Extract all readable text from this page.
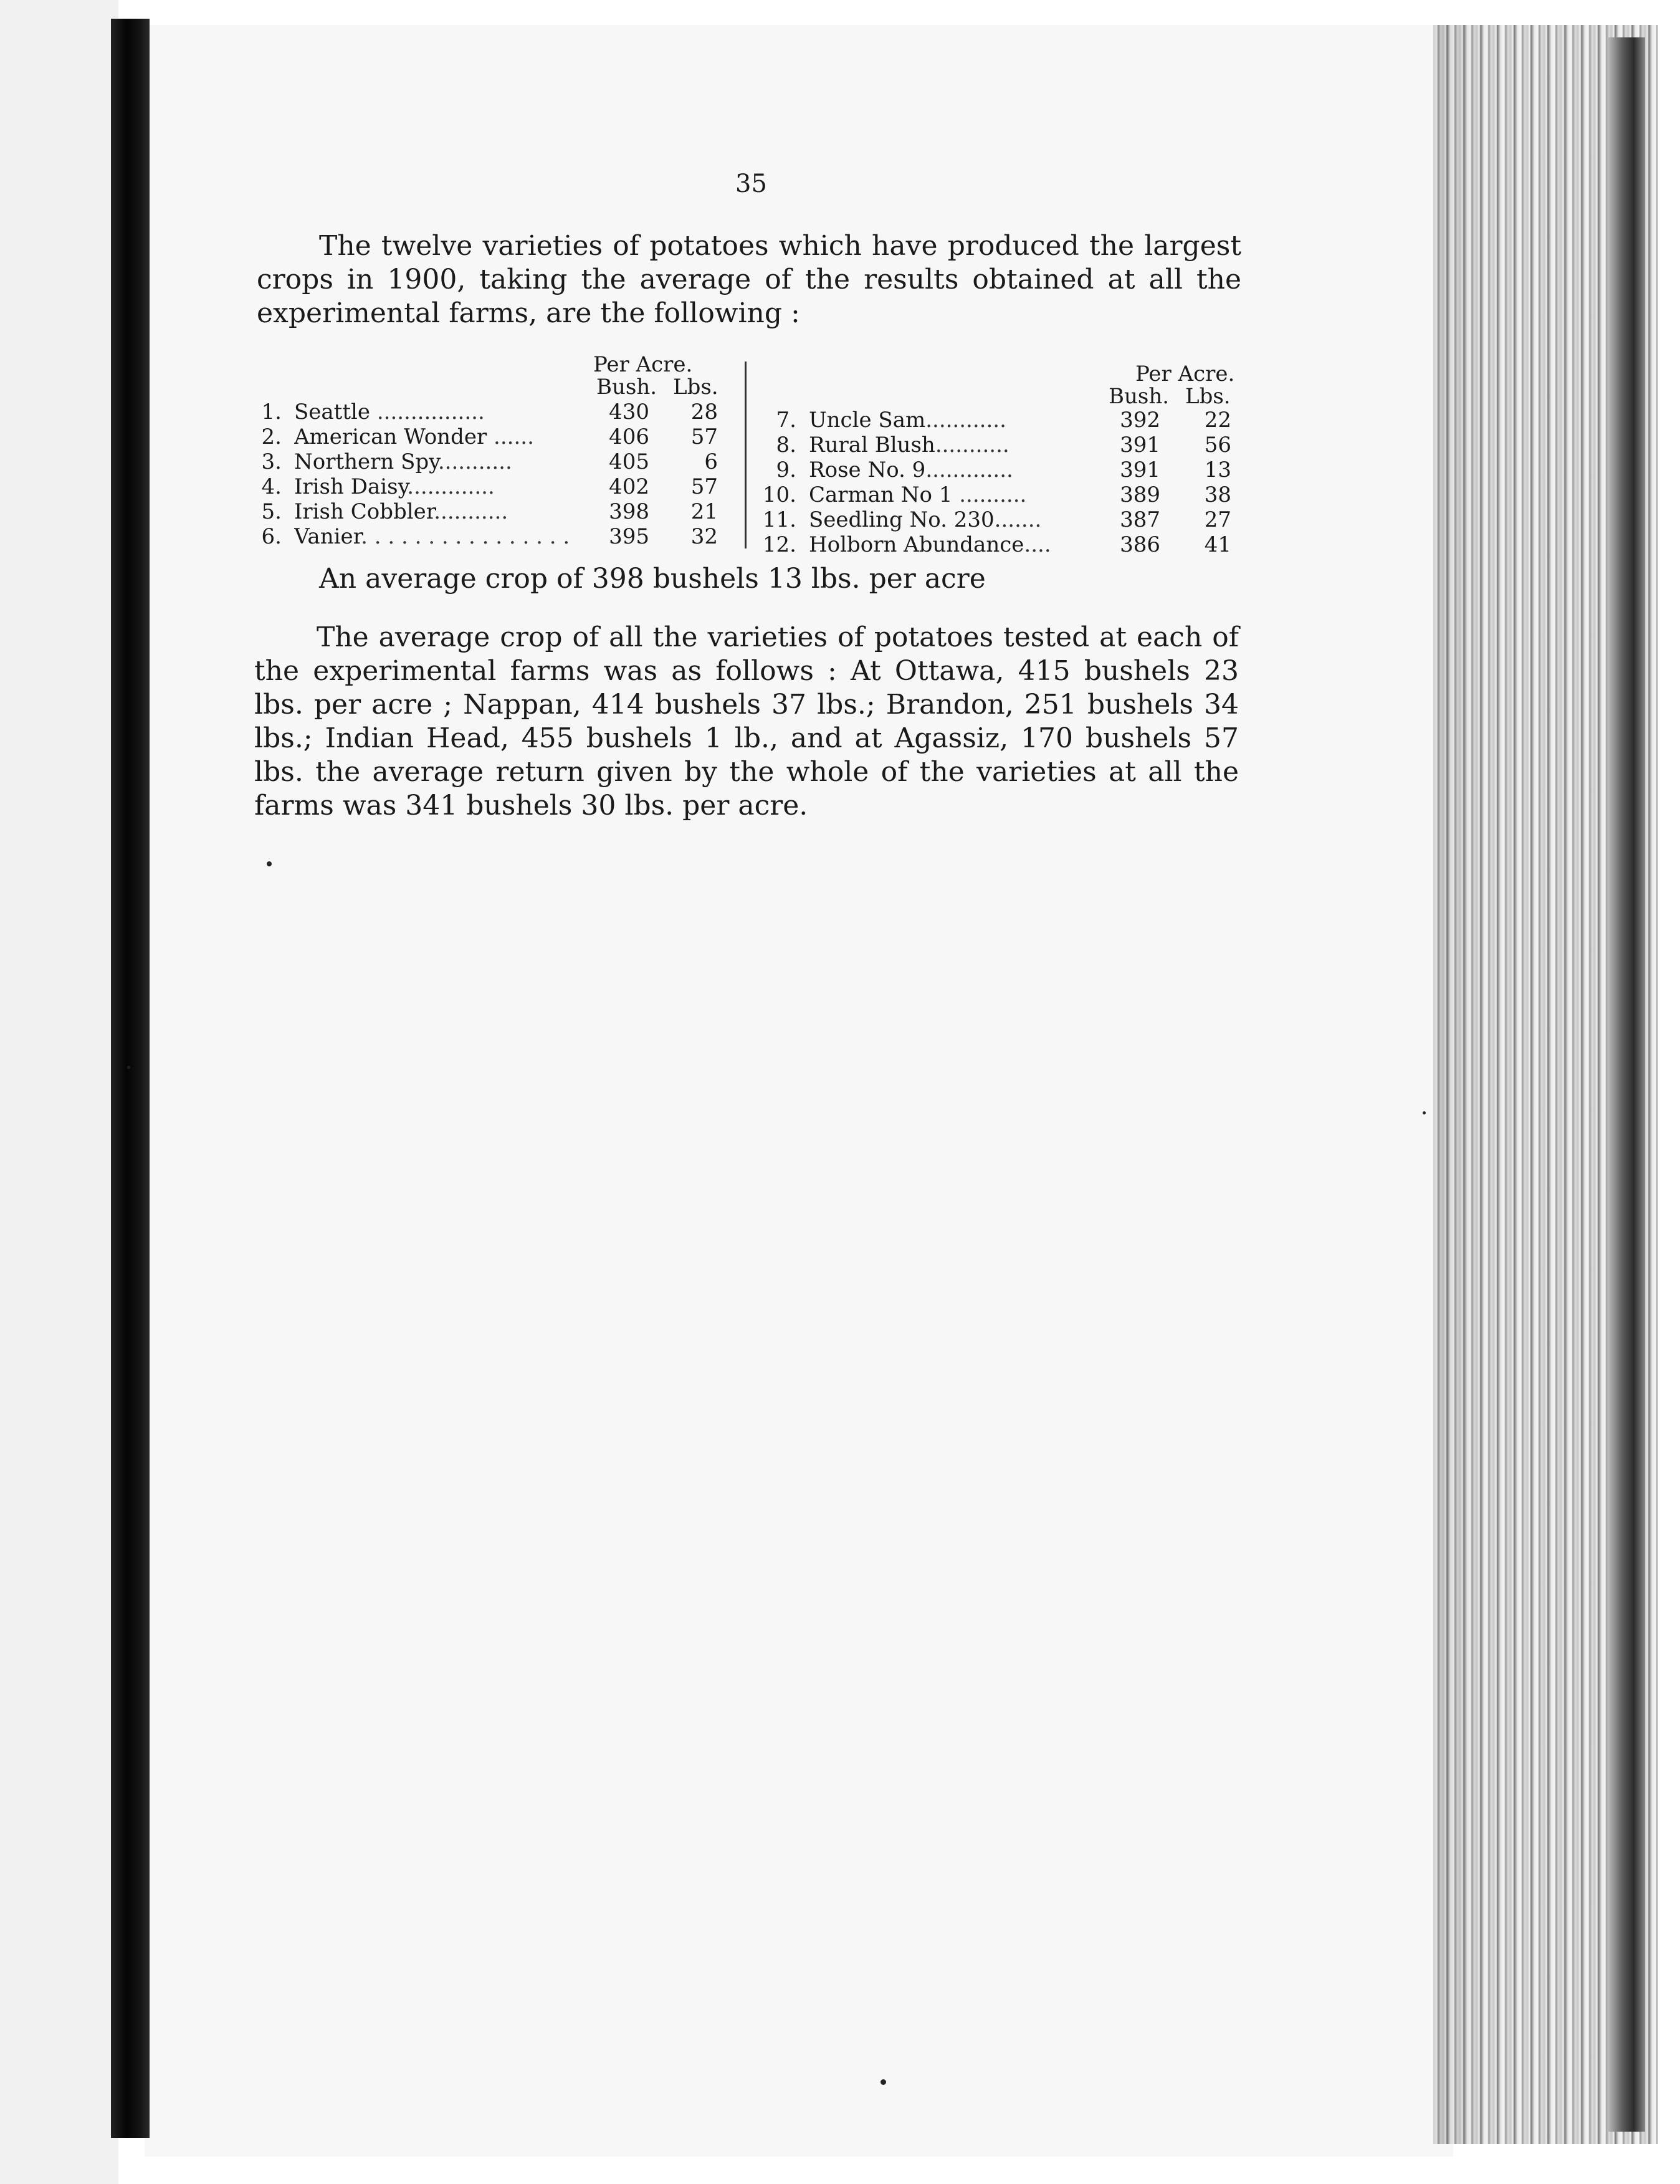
35

The twelve varieties of potatoes which have produced the largest crops in 1900, taking the average of the results obtained at all the experimental farms, are the following :

Per Acre.
Bush. Lbs.
1. Seattle ................	430	28
2. American Wonder ......	406	57
3. Northern Spy...........	405	6
4. Irish Daisy.............	402	57
5. Irish Cobbler...........	398	21
6. Vanier. . . . . . . . . . . . . . . .	395	32
Per Acre.
Bush. Lbs.
7. Uncle Sam............	392	22
8. Rural Blush...........	391	56
9. Rose No. 9.............	391	13
10. Carman No 1 ..........	389	38
11. Seedling No. 230.......	387	27
12. Holborn Abundance....	386	41
An average crop of 398 bushels 13 lbs. per acre

The average crop of all the varieties of potatoes tested at each of the experimental farms was as follows : At Ottawa, 415 bushels 23 lbs. per acre ; Nappan, 414 bushels 37 lbs.; Brandon, 251 bushels 34 lbs.; Indian Head, 455 bushels 1 lb., and at Agassiz, 170 bushels 57 lbs. the average return given by the whole of the varieties at all the farms was 341 bushels 30 lbs. per acre.
